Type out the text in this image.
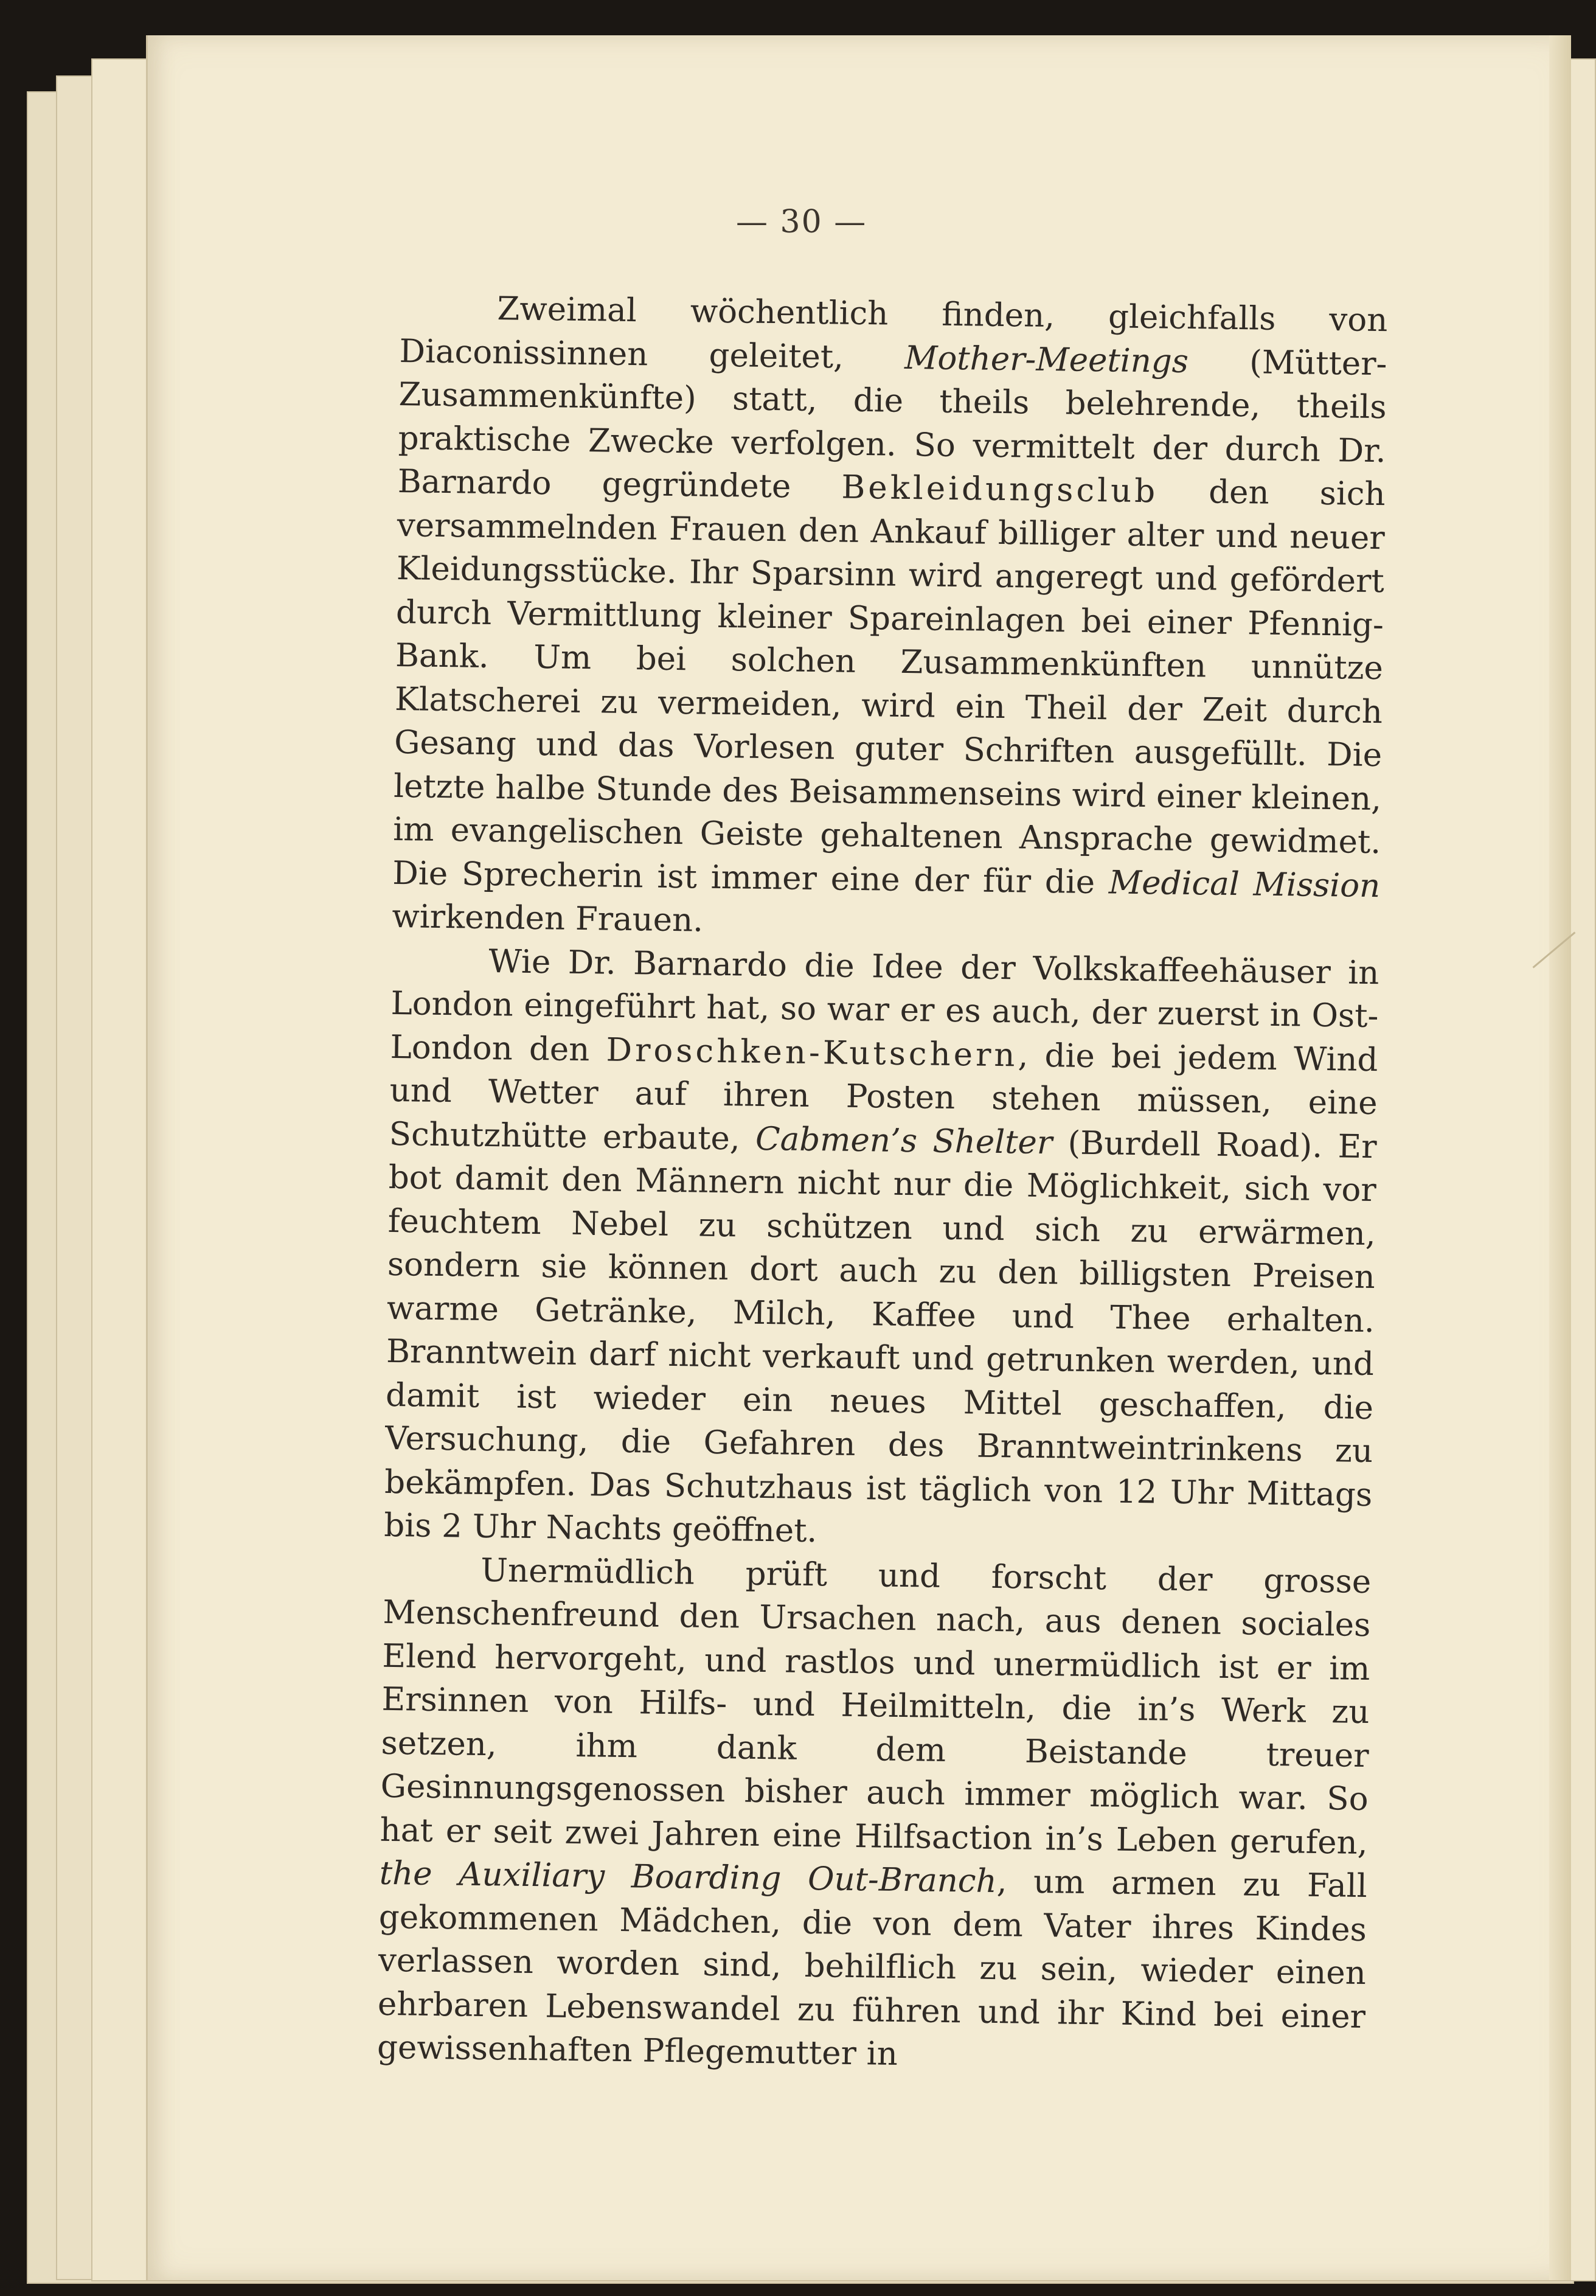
— 30 —

Zweimal wöchentlich finden, gleichfalls von Diaconissinnen geleitet, Mother-Meetings (Mütter-Zusammenkünfte) statt, die theils belehrende, theils praktische Zwecke verfolgen. So vermittelt der durch Dr. Barnardo gegründete Bekleidungsclub den sich versammelnden Frauen den Ankauf billiger alter und neuer Kleidungsstücke. Ihr Sparsinn wird angeregt und gefördert durch Vermittlung kleiner Spareinlagen bei einer Pfennig-Bank. Um bei solchen Zusammenkünften unnütze Klatscherei zu vermeiden, wird ein Theil der Zeit durch Gesang und das Vorlesen guter Schriften ausgefüllt. Die letzte halbe Stunde des Beisammenseins wird einer kleinen, im evangelischen Geiste gehaltenen Ansprache gewidmet. Die Sprecherin ist immer eine der für die Medical Mission wirkenden Frauen.

Wie Dr. Barnardo die Idee der Volkskaffeehäuser in London eingeführt hat, so war er es auch, der zuerst in Ost-London den Droschken-Kutschern, die bei jedem Wind und Wetter auf ihren Posten stehen müssen, eine Schutzhütte erbaute, Cabmen’s Shelter (Burdell Road). Er bot damit den Männern nicht nur die Möglichkeit, sich vor feuchtem Nebel zu schützen und sich zu erwärmen, sondern sie können dort auch zu den billigsten Preisen warme Getränke, Milch, Kaffee und Thee erhalten. Branntwein darf nicht verkauft und getrunken werden, und damit ist wieder ein neues Mittel geschaffen, die Versuchung, die Gefahren des Branntweintrinkens zu bekämpfen. Das Schutzhaus ist täglich von 12 Uhr Mittags bis 2 Uhr Nachts geöffnet.

Unermüdlich prüft und forscht der grosse Menschenfreund den Ursachen nach, aus denen sociales Elend hervorgeht, und rastlos und unermüdlich ist er im Ersinnen von Hilfs- und Heilmitteln, die in’s Werk zu setzen, ihm dank dem Beistande treuer Gesinnungsgenossen bisher auch immer möglich war. So hat er seit zwei Jahren eine Hilfsaction in’s Leben gerufen, the Auxiliary Boarding Out-Branch, um armen zu Fall gekommenen Mädchen, die von dem Vater ihres Kindes verlassen worden sind, behilflich zu sein, wieder einen ehrbaren Lebenswandel zu führen und ihr Kind bei einer gewissenhaften Pflegemutter in
